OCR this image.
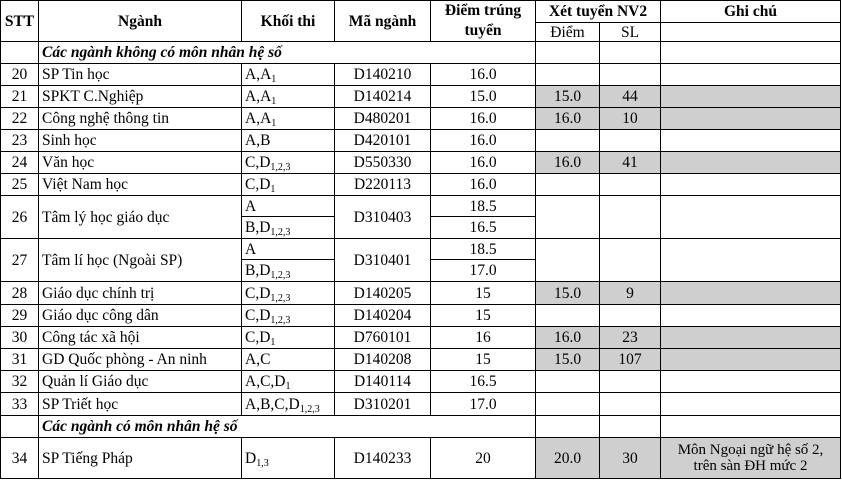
STT	Ngành	Khối thi	Mã ngành	Điểm trúng tuyển	Xét tuyển NV2		Ghi chú
					Điểm	SL	
	Các ngành không có môn nhân hệ số						
20	SP Tin học	$A,A_1$	D140210	16.0			
21	SPKT C.Nghiệp	$A,A_1$	D140214	15.0	15.0	44	
22	Công nghệ thông tin	$A,A_1$	D480201	16.0	16.0	10	
23	Sinh học	A,B	D420101	16.0			
24	Văn học	$C,D_{1,2,3}$	D550330	16.0	16.0	41	
25	Việt Nam học	$C,D_1$	D220113	16.0			
26	Tâm lý học giáo dục	A	D310403	18.5			
		$B,D_{1,2,3}$		16.5			
27	Tâm lí học (Ngoài SP)	A	D310401	18.5			
		$B,D_{1,2,3}$		17.0			
28	Giáo dục chính trị	$C,D_{1,2,3}$	D140205	15	15.0	9	
29	Giáo dục công dân	$C,D_{1,2,3}$	D140204	15			
30	Công tác xã hội	$C,D_1$	D760101	16	16.0	23	
31	GD Quốc phòng - An ninh	A,C	D140208	15	15.0	107	
32	Quản lí Giáo dục	$A,C,D_1$	D140114	16.5			
33	SP Triết học	$A,B,C,D_{1,2,3}$	D310201	17.0			
	Các ngành có môn nhân hệ số						
34	SP Tiếng Pháp	$D_{1,3}$	D140233	20	20.0	30	Môn Ngoại ngữ hệ số 2,
trên sàn ĐH mức 2
